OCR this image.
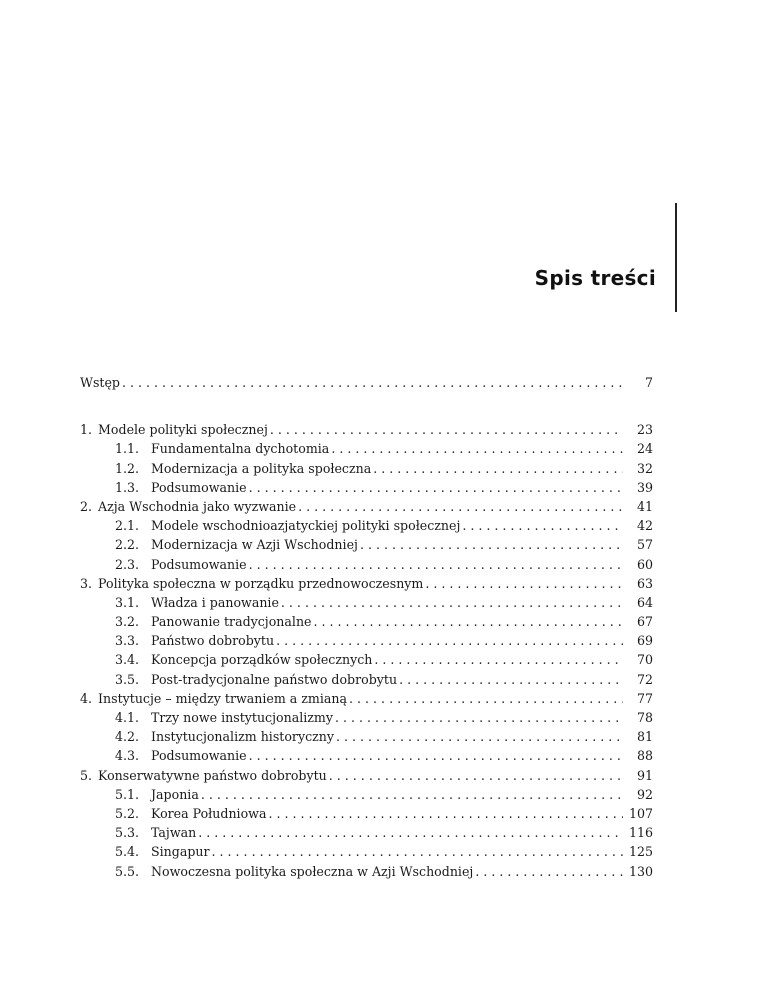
Spis treści
Wstęp . . .	7
1. Modele polityki społecznej . . .	23
1.1. Fundamentalna dychotomia . . .	24
1.2. Modernizacja a polityka społeczna . . .	32
1.3. Podsumowanie . . .	39
2. Azja Wschodnia jako wyzwanie . . .	41
2.1. Modele wschodnioazjatyckiej polityki społecznej . . .	42
2.2. Modernizacja w Azji Wschodniej . . .	57
2.3. Podsumowanie . . .	60
3. Polityka społeczna w porządku przednowoczesnym . . .	63
3.1. Władza i panowanie . . .	64
3.2. Panowanie tradycjonalne . . .	67
3.3. Państwo dobrobytu . . .	69
3.4. Koncepcja porządków społecznych . . .	70
3.5. Post-tradycjonalne państwo dobrobytu . . .	72
4. Instytucje – między trwaniem a zmianą . . .	77
4.1. Trzy nowe instytucjonalizmy . . .	78
4.2. Instytucjonalizm historyczny . . .	81
4.3. Podsumowanie . . .	88
5. Konserwatywne państwo dobrobytu . . .	91
5.1. Japonia . . .	92
5.2. Korea Południowa . . .	107
5.3. Tajwan . . .	116
5.4. Singapur . . .	125
5.5. Nowoczesna polityka społeczna w Azji Wschodniej . . .	130
